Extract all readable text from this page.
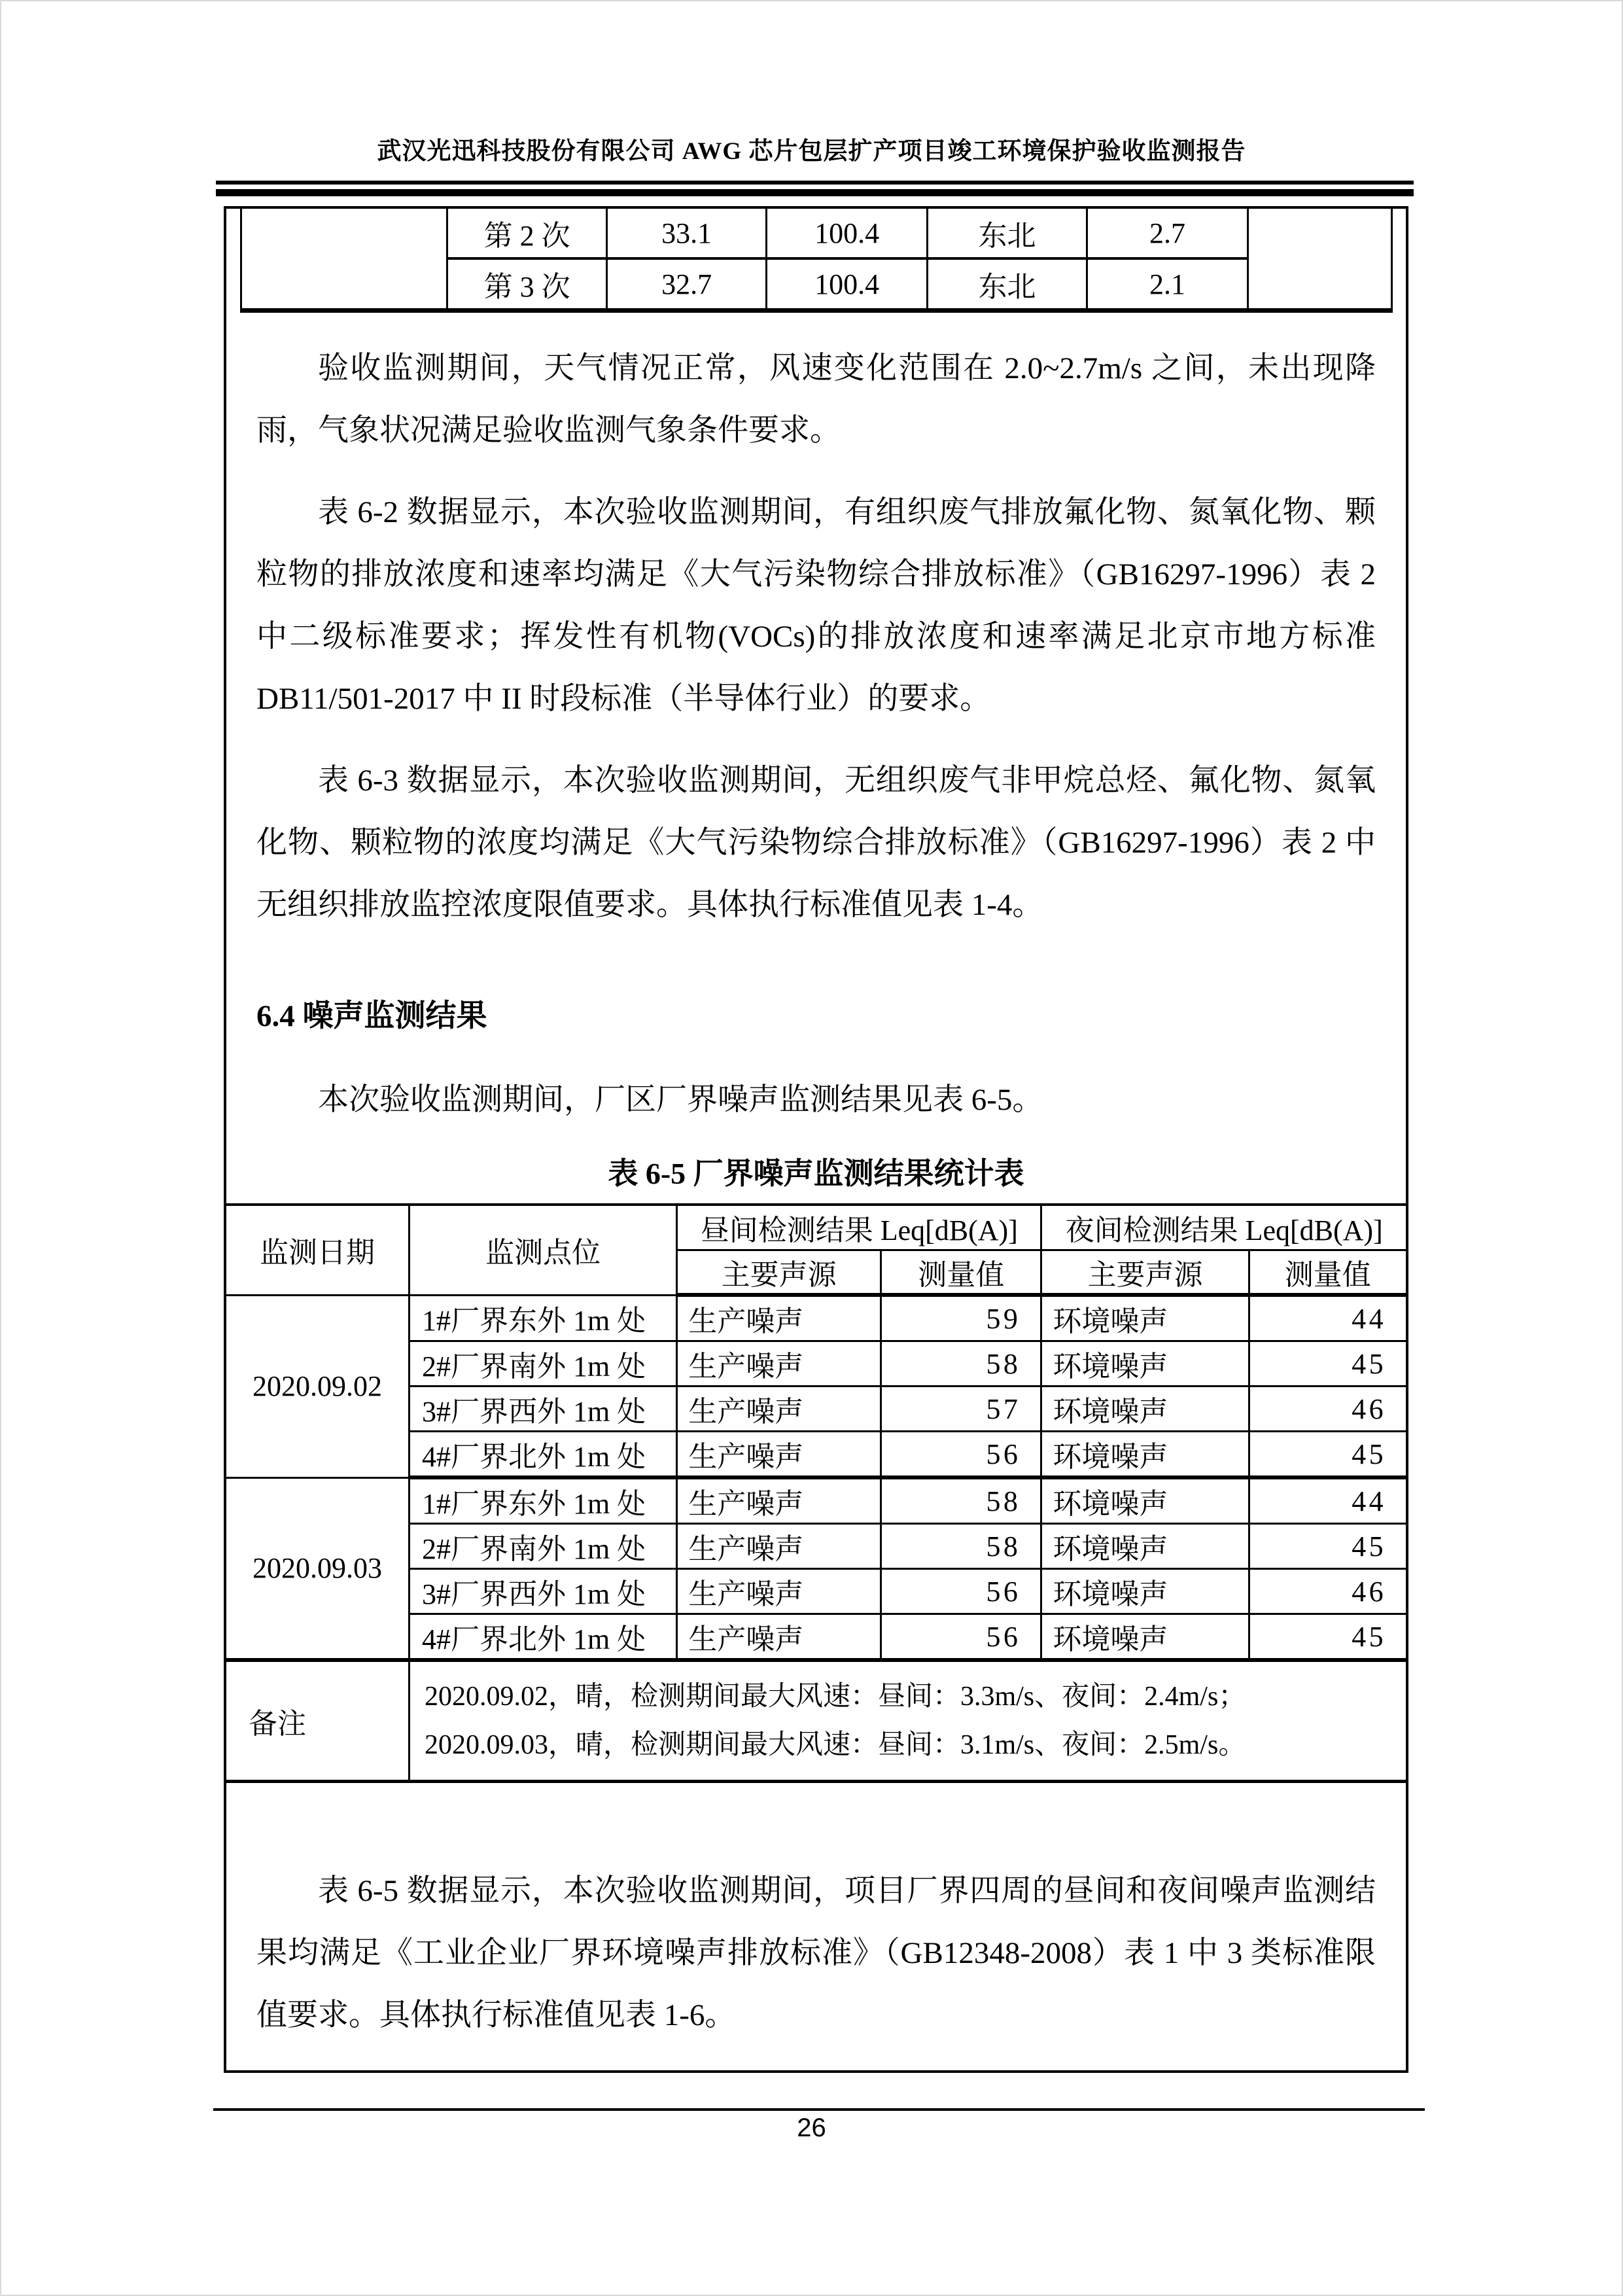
武汉光迅科技股份有限公司 AWG 芯片包层扩产项目竣工环境保护验收监测报告
	第 2 次	33.1	100.4	东北	2.7	
	第 3 次	32.7	100.4	东北	2.1	

验收监测期间，天气情况正常，风速变化范围在 2.0~2.7m/s 之间，未出现降雨，气象状况满足验收监测气象条件要求。

表 6-2 数据显示，本次验收监测期间，有组织废气排放氟化物、氮氧化物、颗粒物的排放浓度和速率均满足《大气污染物综合排放标准》（GB16297-1996）表 2 中二级标准要求；挥发性有机物(VOCs)的排放浓度和速率满足北京市地方标准 DB11/501-2017 中 II 时段标准（半导体行业）的要求。

表 6-3 数据显示，本次验收监测期间，无组织废气非甲烷总烃、氟化物、氮氧化物、颗粒物的浓度均满足《大气污染物综合排放标准》（GB16297-1996）表 2 中无组织排放监控浓度限值要求。具体执行标准值见表 1-4。

6.4 噪声监测结果

本次验收监测期间，厂区厂界噪声监测结果见表 6-5。

表 6-5 厂界噪声监测结果统计表
监测日期	监测点位	昼间检测结果 Leq[dB(A)]		夜间检测结果 Leq[dB(A)]	
		主要声源	测量值	主要声源	测量值
2020.09.02	1#厂界东外 1m 处	生产噪声	59	环境噪声	44
	2#厂界南外 1m 处	生产噪声	58	环境噪声	45
	3#厂界西外 1m 处	生产噪声	57	环境噪声	46
	4#厂界北外 1m 处	生产噪声	56	环境噪声	45
2020.09.03	1#厂界东外 1m 处	生产噪声	58	环境噪声	44
	2#厂界南外 1m 处	生产噪声	58	环境噪声	45
	3#厂界西外 1m 处	生产噪声	56	环境噪声	46
	4#厂界北外 1m 处	生产噪声	56	环境噪声	45
备注	2020.09.02，晴，检测期间最大风速：昼间：3.3m/s、夜间：2.4m/s；
2020.09.03，晴，检测期间最大风速：昼间：3.1m/s、夜间：2.5m/s。				

表 6-5 数据显示，本次验收监测期间，项目厂界四周的昼间和夜间噪声监测结果均满足《工业企业厂界环境噪声排放标准》（GB12348-2008）表 1 中 3 类标准限值要求。具体执行标准值见表 1-6。

26
